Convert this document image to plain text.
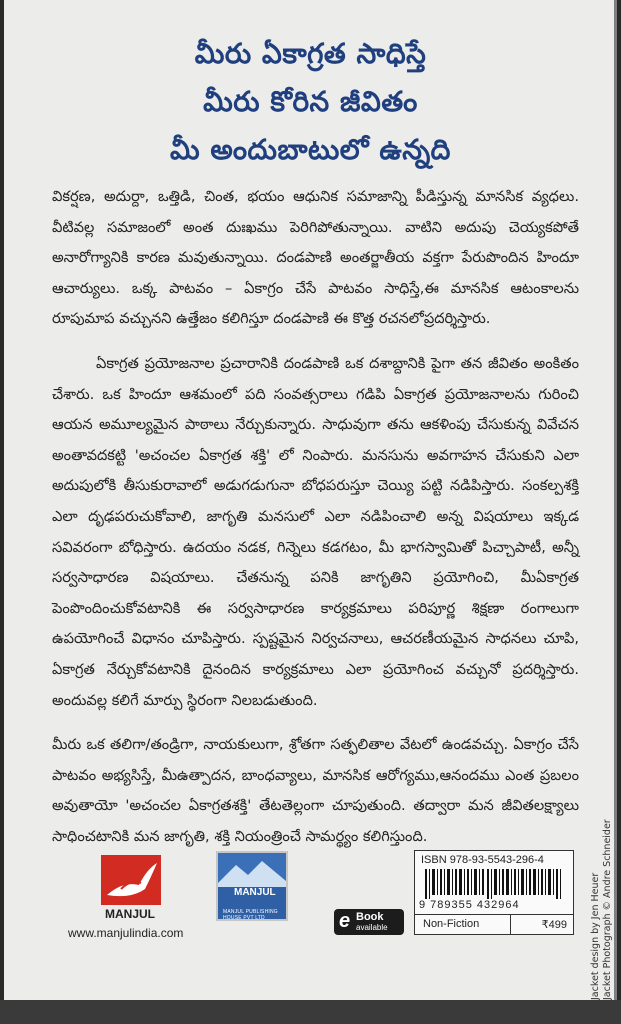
మీరు ఏకాగ్రత సాధిస్తే
మీరు కోరిన జీవితం
మీ అందుబాటులో ఉన్నది

వికర్షణ, అదుర్దా, ఒత్తిడి, చింత, భయం ఆధునిక సమాజాన్ని పీడిస్తున్న మానసిక వ్యధలు. వీటివల్ల సమాజంలో అంత దుఃఖము పెరిగిపోతున్నాయి. వాటిని అదుపు చెయ్యకపోతే అనారోగ్యానికి కారణ మవుతున్నాయి. దండపాణి అంతర్జాతీయ వక్తగా పేరుపొందిన హిందూ ఆచార్యులు. ఒక్క పాటవం – ఏకాగ్రం చేసే పాటవం సాధిస్తే,ఈ మానసిక ఆటంకాలను రూపుమాప వచ్చునని ఉత్తేజం కలిగిస్తూ దండపాణి ఈ కొత్త రచనలోప్రదర్శిస్తారు.

ఏకాగ్రత ప్రయోజనాల ప్రచారానికి దండపాణి ఒక దశాబ్దానికి పైగా తన జీవితం అంకితం చేశారు. ఒక హిందూ ఆశమంలో పది సంవత్సరాలు గడిపి ఏకాగ్రత ప్రయోజనాలను గురించి ఆయన అమూల్యమైన పాఠాలు నేర్చుకున్నారు. సాధువుగా తను ఆకళింపు చేసుకున్న వివేచన అంతావదకట్టి 'అచంచల ఏకాగ్రత శక్తి' లో నింపారు. మనసును అవగాహన చేసుకుని ఎలా అదుపులోకి తీసుకురావాలో అడుగడుగునా బోధపరుస్తూ చెయ్యి పట్టి నడిపిస్తారు. సంకల్పశక్తి ఎలా దృఢపరుచుకోవాలి, జాగృతి మనసులో ఎలా నడిపించాలి అన్న విషయాలు ఇక్కడ సవివరంగా బోధిస్తారు. ఉదయం నడక, గిన్నెలు కడగటం, మీ భాగస్వామితో పిచ్చాపాటీ, అన్నీ సర్వసాధారణ విషయాలు. చేతనున్న పనికి జాగృతిని ప్రయోగించి, మీఏకాగ్రత పెంపొందించుకోవటానికి ఈ సర్వసాధారణ కార్యక్రమాలు పరిపూర్ణ శిక్షణా రంగాలుగా ఉపయోగించే విధానం చూపిస్తారు. స్పష్టమైన నిర్వచనాలు, ఆచరణీయమైన సాధనలు చూపి, ఏకాగ్రత నేర్చుకోవటానికి దైనందిన కార్యక్రమాలు ఎలా ప్రయోగించ వచ్చునో ప్రదర్శిస్తారు. అందువల్ల కలిగే మార్పు స్థిరంగా నిలబడుతుంది.

మీరు ఒక తలిగా/తండ్రిగా, నాయకులుగా, శ్రోతగా సత్ఫలితాల వేటలో ఉండవచ్చు. ఏకాగ్రం చేసే పాటవం అభ్యసిస్తే, మీఉత్పాదన, బాంధవ్యాలు, మానసిక ఆరోగ్యము,ఆనందము ఎంత ప్రబలం అవుతాయో 'అచంచల ఏకాగ్రతశక్తి' తేటతెల్లంగా చూపుతుంది. తద్వారా మన జీవితలక్ష్యాలు సాధించటానికి మన జాగృతి, శక్తి నియంత్రించే సామర్థ్యం కలిగిస్తుంది.

MANJUL
MANJUL
MANJUL PUBLISHING HOUSE PVT LTD
www.manjulindia.com
e Book
available
ISBN 978-93-5543-296-4
9 789355 432964
Non-Fiction	₹499 Jacket design by Jen Heuer Jacket Photograph © Andre Schneider
